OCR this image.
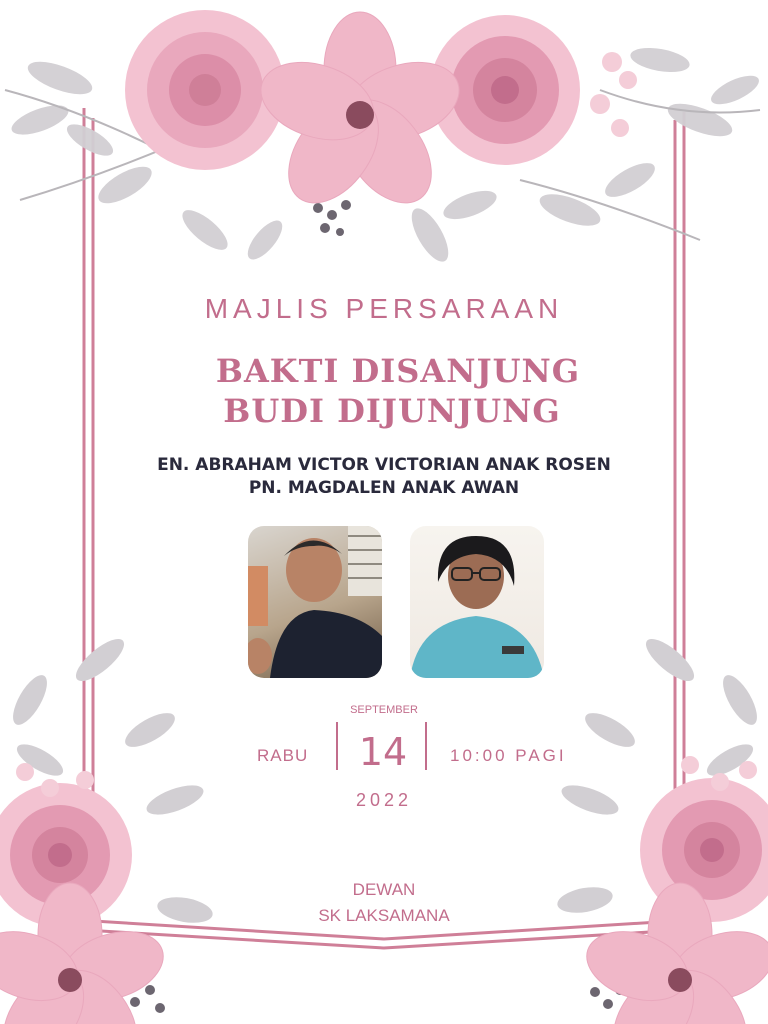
MAJLIS PERSARAAN
BAKTI DISANJUNG
BUDI DIJUNJUNG
EN. ABRAHAM VICTOR VICTORIAN ANAK ROSEN
PN. MAGDALEN ANAK AWAN
SEPTEMBER
RABU	14	10:00 PAGI
2022
DEWAN
SK LAKSAMANA
